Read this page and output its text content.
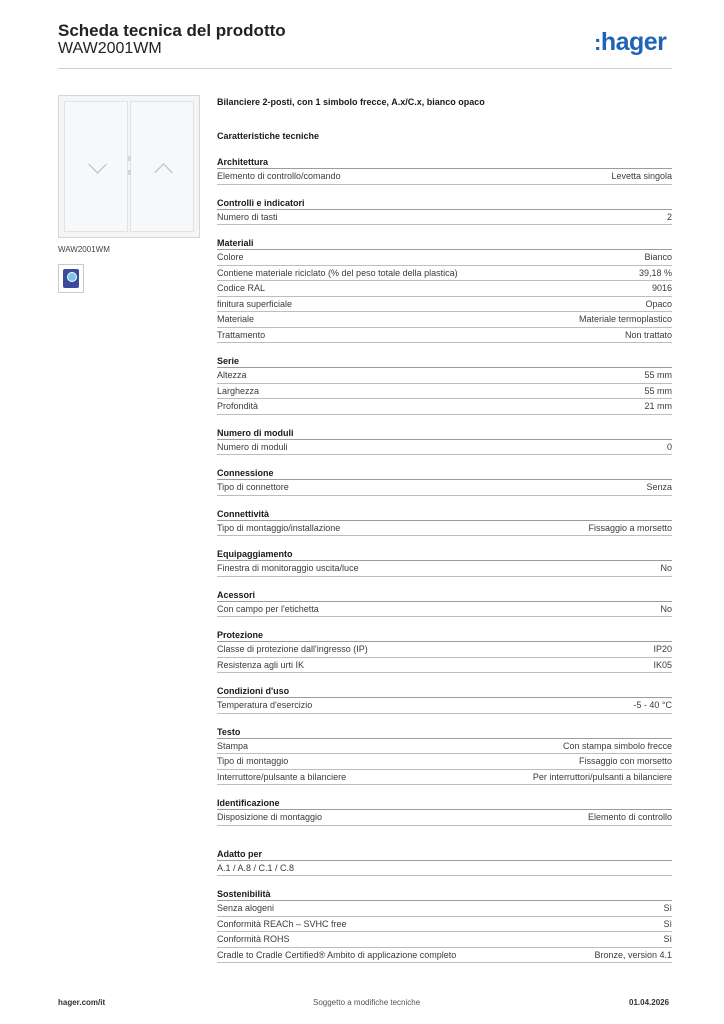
Scheda tecnica del prodotto
WAW2001WM	:hager
WAW2001WM
Bilanciere 2-posti, con 1 simbolo frecce, A.x/C.x, bianco opaco
Caratteristiche tecniche
Architettura
Elemento di controllo/comando	Levetta singola
Controlli e indicatori
Numero di tasti	2
Materiali
Colore	Bianco
Contiene materiale riciclato (% del peso totale della plastica)	39,18 %
Codice RAL	9016
finitura superficiale	Opaco
Materiale	Materiale termoplastico
Trattamento	Non trattato
Serie
Altezza	55 mm
Larghezza	55 mm
Profondità	21 mm
Numero di moduli
Numero di moduli	0
Connessione
Tipo di connettore	Senza
Connettività
Tipo di montaggio/installazione	Fissaggio a morsetto
Equipaggiamento
Finestra di monitoraggio uscita/luce	No
Acessori
Con campo per l'etichetta	No
Protezione
Classe di protezione dall'ingresso (IP)	IP20
Resistenza agli urti IK	IK05
Condizioni d'uso
Temperatura d'esercizio	-5 - 40 °C
Testo
Stampa	Con stampa simbolo frecce
Tipo di montaggio	Fissaggio con morsetto
Interruttore/pulsante a bilanciere	Per interruttori/pulsanti a bilanciere
Identificazione
Disposizione di montaggio	Elemento di controllo
Adatto per
A.1 / A.8 / C.1 / C.8
Sostenibilità
Senza alogeni	Sì
Conformità REACh – SVHC free	Sì
Conformità ROHS	Sì
Cradle to Cradle Certified® Ambito di applicazione completo	Bronze, version 4.1
hager.com/it	Soggetto a modifiche tecniche	01.04.2026
